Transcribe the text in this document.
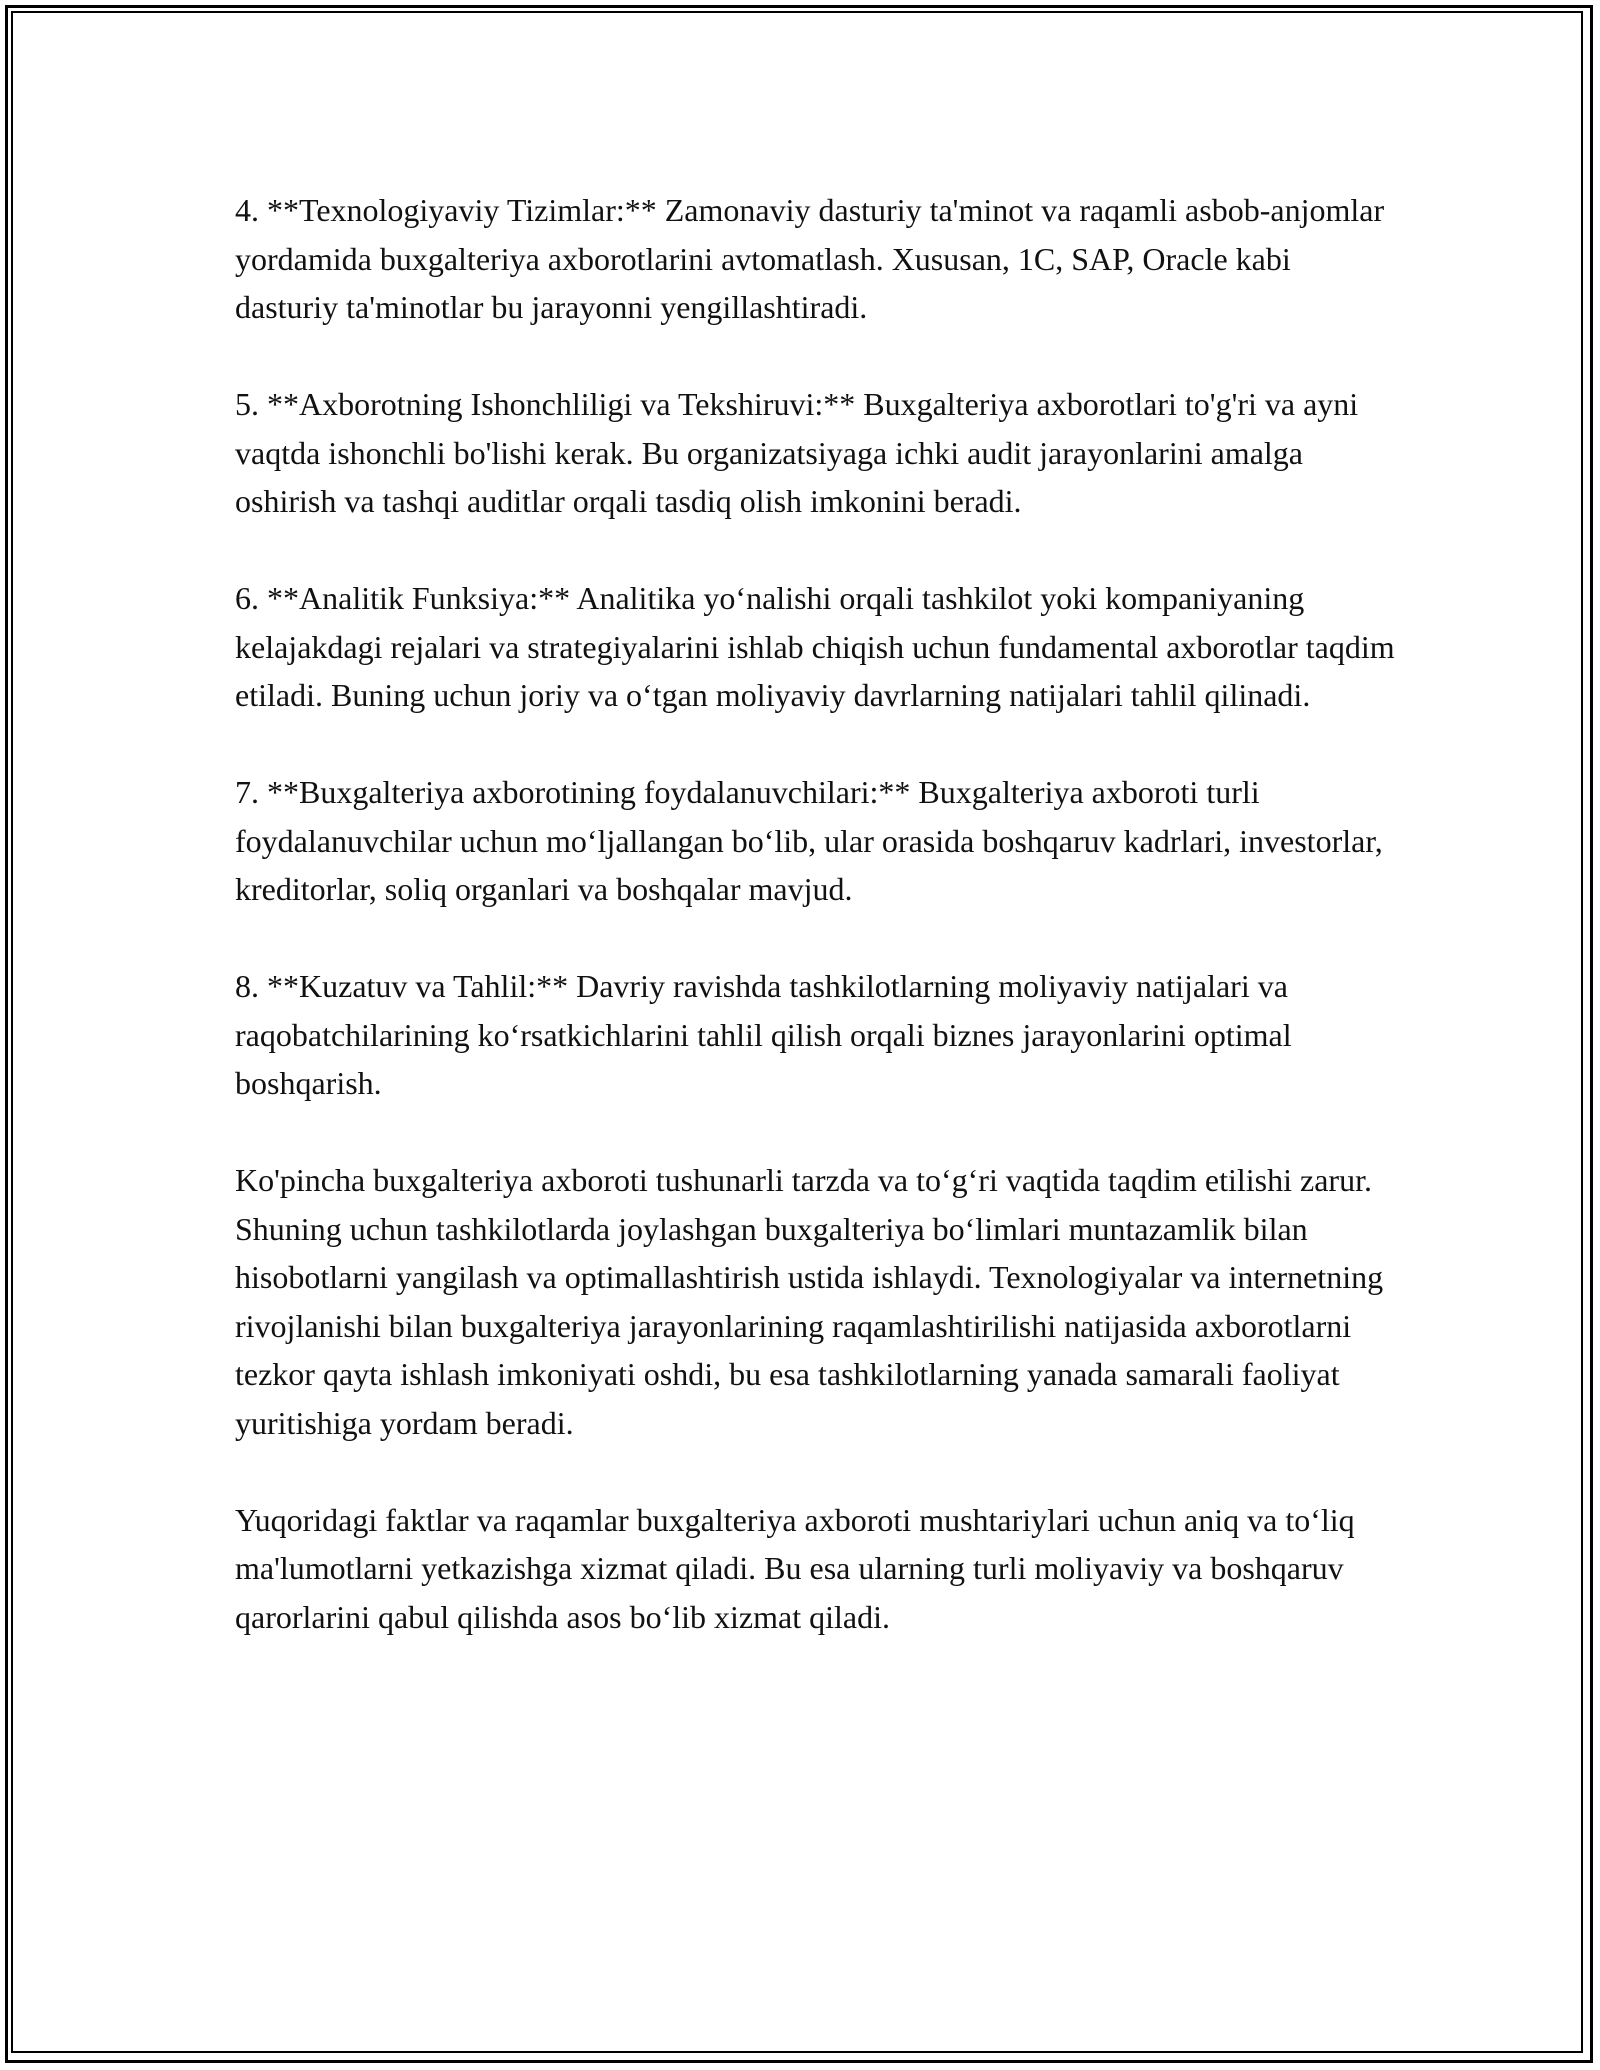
4. **Texnologiyaviy Tizimlar:** Zamonaviy dasturiy ta'minot va raqamli asbob-anjomlar yordamida buxgalteriya axborotlarini avtomatlash. Xususan, 1C, SAP, Oracle kabi dasturiy ta'minotlar bu jarayonni yengillashtiradi.

5. **Axborotning Ishonchliligi va Tekshiruvi:** Buxgalteriya axborotlari to'g'ri va ayni vaqtda ishonchli bo'lishi kerak. Bu organizatsiyaga ichki audit jarayonlarini amalga oshirish va tashqi auditlar orqali tasdiq olish imkonini beradi.

6. **Analitik Funksiya:** Analitika yo‘nalishi orqali tashkilot yoki kompaniyaning kelajakdagi rejalari va strategiyalarini ishlab chiqish uchun fundamental axborotlar taqdim etiladi. Buning uchun joriy va o‘tgan moliyaviy davrlarning natijalari tahlil qilinadi.

7. **Buxgalteriya axborotining foydalanuvchilari:** Buxgalteriya axboroti turli foydalanuvchilar uchun mo‘ljallangan bo‘lib, ular orasida boshqaruv kadrlari, investorlar, kreditorlar, soliq organlari va boshqalar mavjud.

8. **Kuzatuv va Tahlil:** Davriy ravishda tashkilotlarning moliyaviy natijalari va raqobatchilarining ko‘rsatkichlarini tahlil qilish orqali biznes jarayonlarini optimal boshqarish.

Ko'pincha buxgalteriya axboroti tushunarli tarzda va to‘g‘ri vaqtida taqdim etilishi zarur. Shuning uchun tashkilotlarda joylashgan buxgalteriya bo‘limlari muntazamlik bilan hisobotlarni yangilash va optimallashtirish ustida ishlaydi. Texnologiyalar va internetning rivojlanishi bilan buxgalteriya jarayonlarining raqamlashtirilishi natijasida axborotlarni tezkor qayta ishlash imkoniyati oshdi, bu esa tashkilotlarning yanada samarali faoliyat yuritishiga yordam beradi.

Yuqoridagi faktlar va raqamlar buxgalteriya axboroti mushtariylari uchun aniq va to‘liq ma'lumotlarni yetkazishga xizmat qiladi. Bu esa ularning turli moliyaviy va boshqaruv qarorlarini qabul qilishda asos bo‘lib xizmat qiladi.
